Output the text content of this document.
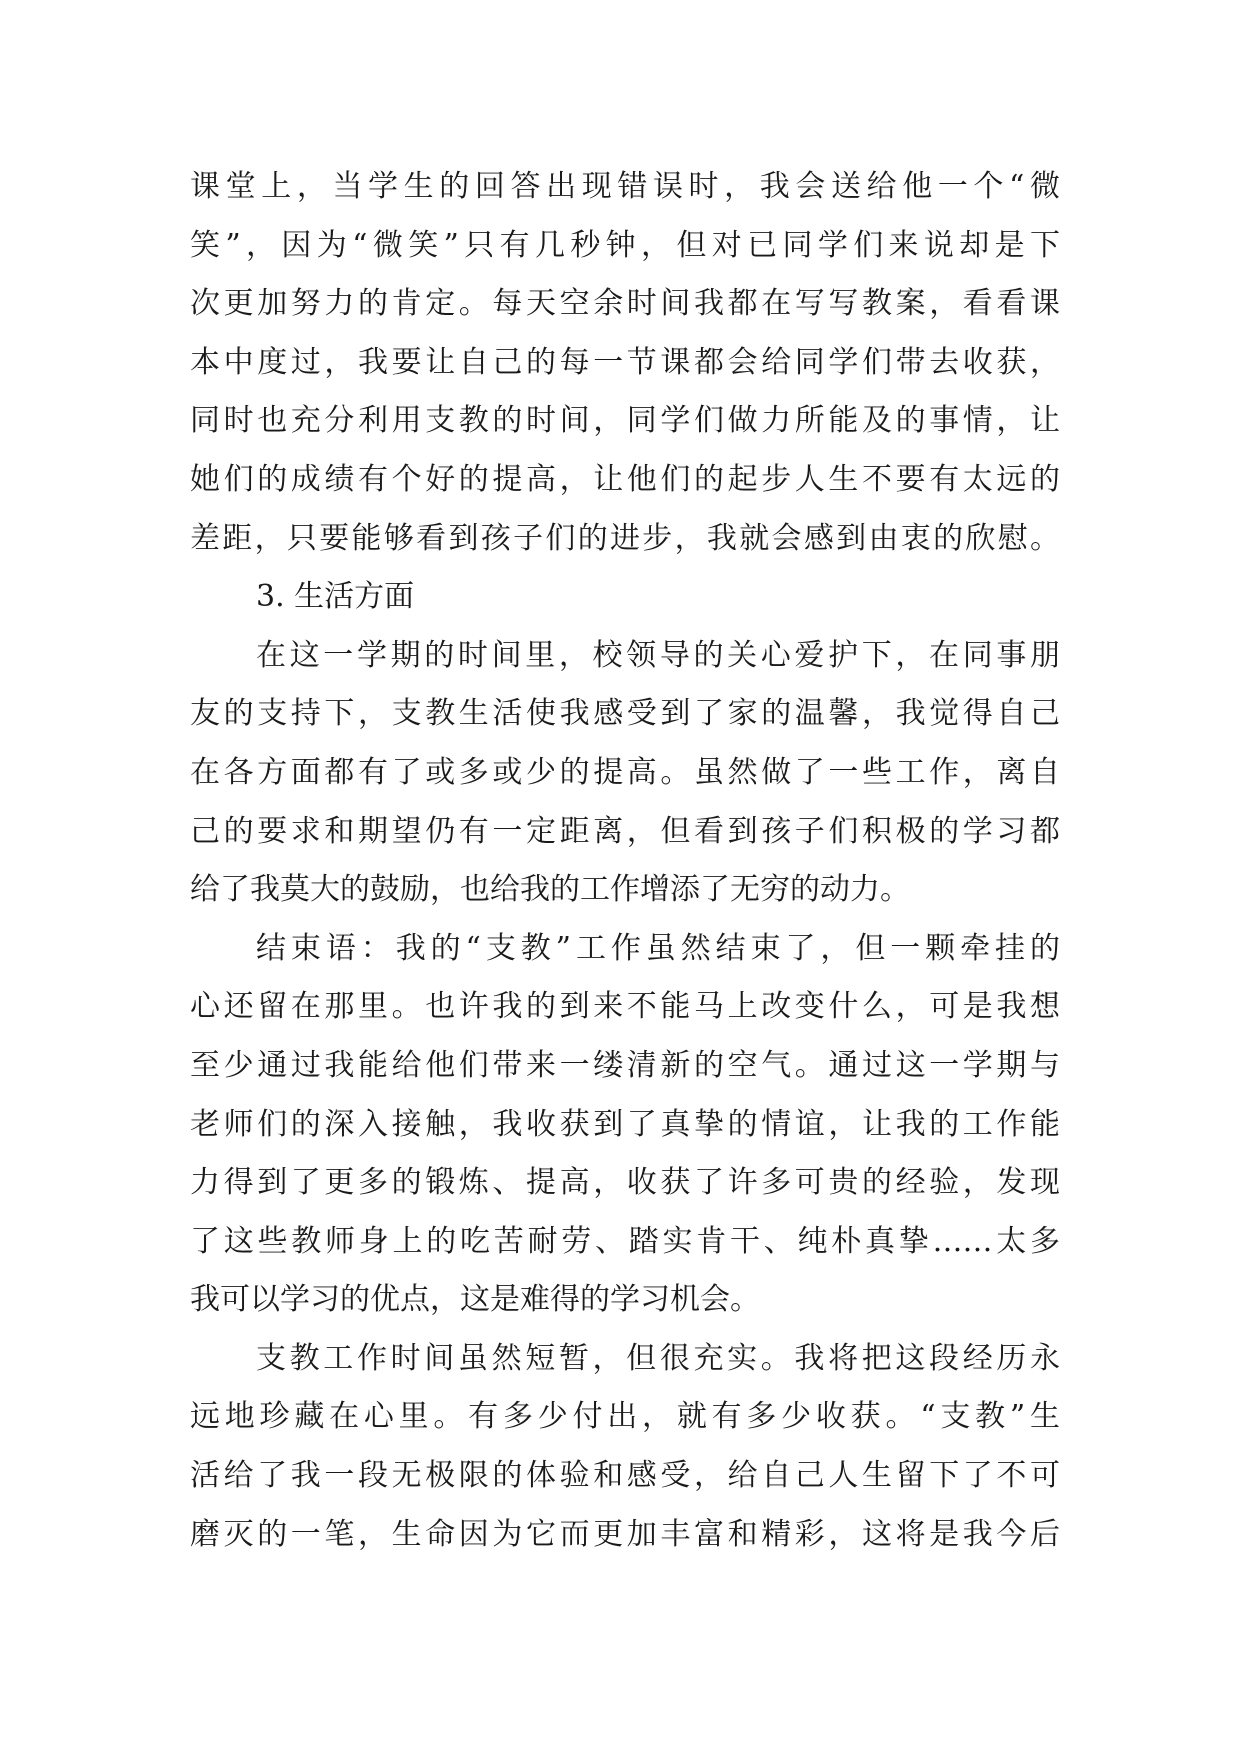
课堂上，当学生的回答出现错误时，我会送给他一个“微
笑”，因为“微笑”只有几秒钟，但对已同学们来说却是下
次更加努力的肯定。每天空余时间我都在写写教案，看看课
本中度过，我要让自己的每一节课都会给同学们带去收获，
同时也充分利用支教的时间，同学们做力所能及的事情，让
她们的成绩有个好的提高，让他们的起步人生不要有太远的
差距，只要能够看到孩子们的进步，我就会感到由衷的欣慰。
3. 生活方面
在这一学期的时间里，校领导的关心爱护下，在同事朋
友的支持下，支教生活使我感受到了家的温馨，我觉得自己
在各方面都有了或多或少的提高。虽然做了一些工作，离自
己的要求和期望仍有一定距离，但看到孩子们积极的学习都
给了我莫大的鼓励，也给我的工作增添了无穷的动力。
结束语：我的“支教”工作虽然结束了，但一颗牵挂的
心还留在那里。也许我的到来不能马上改变什么，可是我想
至少通过我能给他们带来一缕清新的空气。通过这一学期与
老师们的深入接触，我收获到了真挚的情谊，让我的工作能
力得到了更多的锻炼、提高，收获了许多可贵的经验，发现
了这些教师身上的吃苦耐劳、踏实肯干、纯朴真挚……太多
我可以学习的优点，这是难得的学习机会。
支教工作时间虽然短暂，但很充实。我将把这段经历永
远地珍藏在心里。有多少付出，就有多少收获。“支教”生
活给了我一段无极限的体验和感受，给自己人生留下了不可
磨灭的一笔，生命因为它而更加丰富和精彩，这将是我今后
